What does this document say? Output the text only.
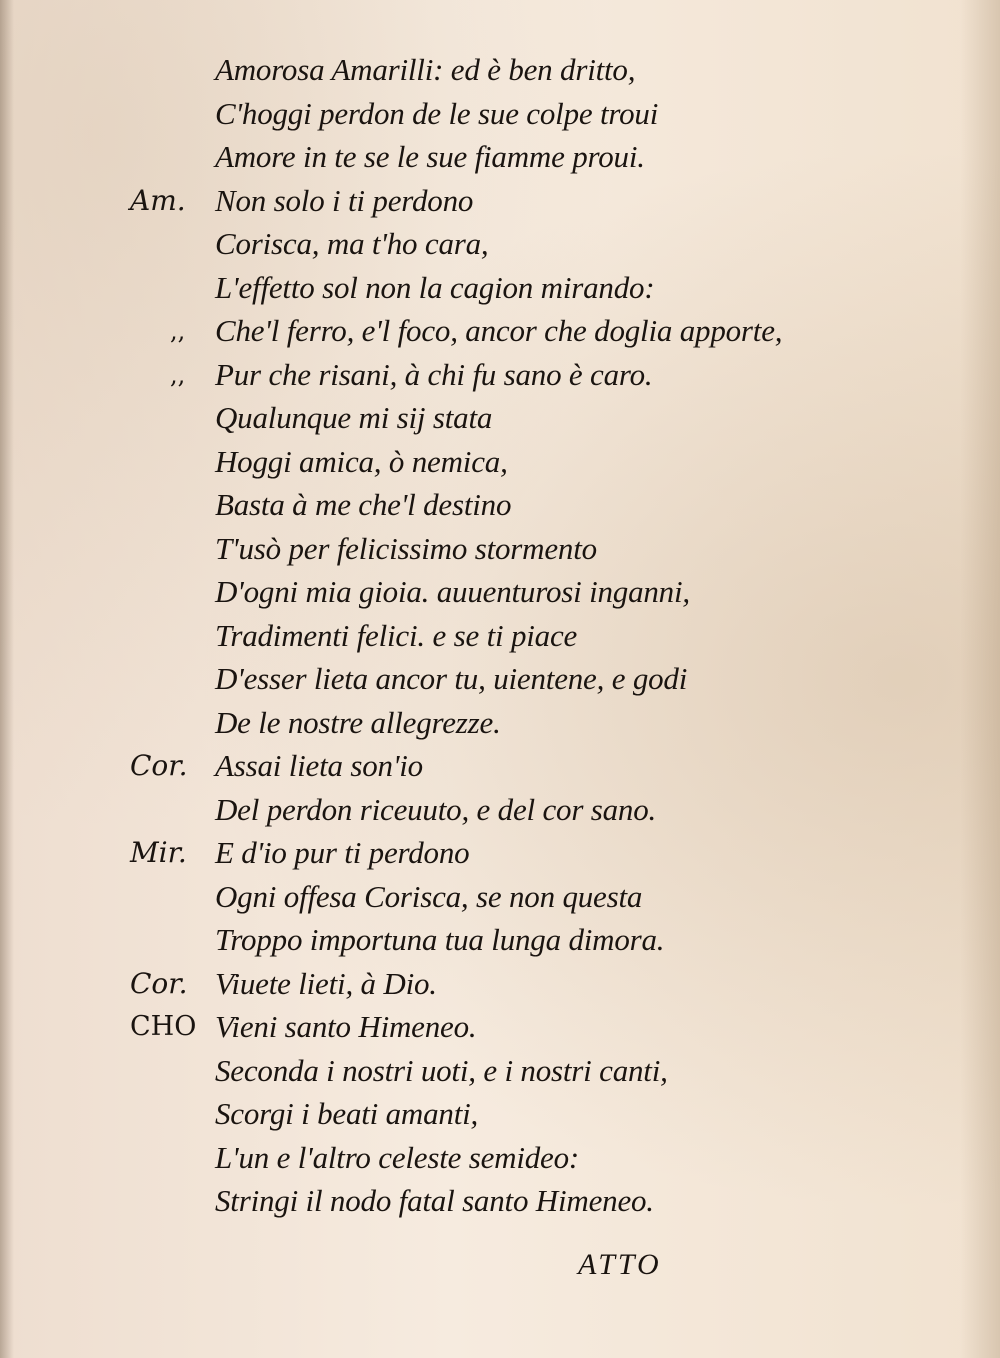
Amorosa Amarilli: ed è ben dritto,
C'hoggi perdon de le sue colpe troui
Amore in te se le sue fiamme proui.
Am. Non solo i ti perdono
Corisca, ma t'ho cara,
L'effetto sol non la cagion mirando:
,, Che'l ferro, e'l foco, ancor che doglia apporte,
,, Pur che risani, à chi fu sano è caro.
Qualunque mi sij stata
Hoggi amica, ò nemica,
Basta à me che'l destino
T'usò per felicissimo stormento
D'ogni mia gioia. auuenturosi inganni,
Tradimenti felici. e se ti piace
D'esser lieta ancor tu, uientene, e godi
De le nostre allegrezze.
Cor. Assai lieta son'io
Del perdon riceuuto, e del cor sano.
Mir. E d'io pur ti perdono
Ogni offesa Corisca, se non questa
Troppo importuna tua lunga dimora.
Cor. Viuete lieti, à Dio.
CHO Vieni santo Himeneo.
Seconda i nostri uoti, e i nostri canti,
Scorgi i beati amanti,
L'un e l'altro celeste semideo:
Stringi il nodo fatal santo Himeneo.
ATTO
